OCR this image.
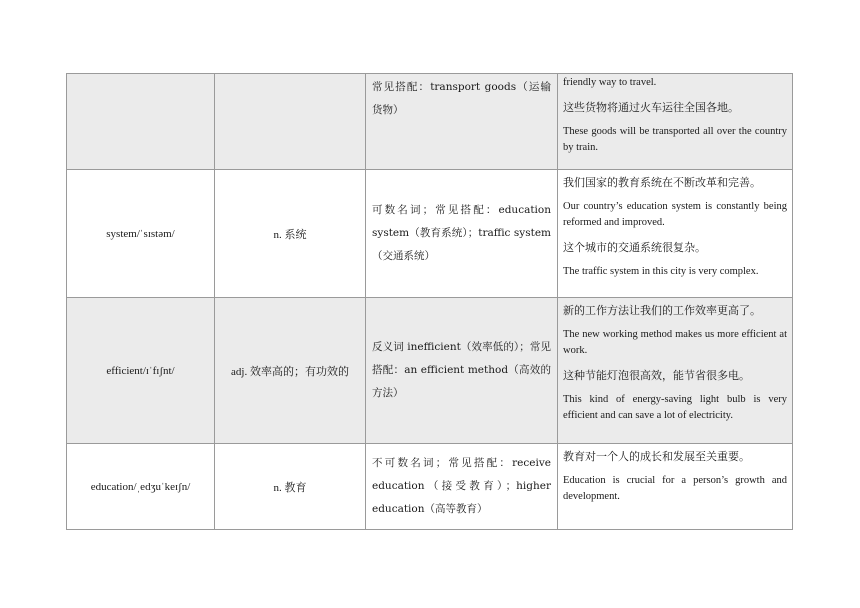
		常见搭配：transport goods（运输货物）	friendly way to travel.

这些货物将通过火车运往全国各地。

These goods will be transported all over the country by train.

system/ˈsɪstəm/	n. 系统	可数名词；常见搭配：education system（教育系统）；traffic system（交通系统）	我们国家的教育系统在不断改革和完善。

Our country’s education system is constantly being reformed and improved.

这个城市的交通系统很复杂。

The traffic system in this city is very complex.

efficient/ɪˈfɪʃnt/	adj. 效率高的；有功效的	反义词 inefficient（效率低的）；常见搭配：an efficient method（高效的方法）	新的工作方法让我们的工作效率更高了。

The new working method makes us more efficient at work.

这种节能灯泡很高效，能节省很多电。

This kind of energy-saving light bulb is very efficient and can save a lot of electricity.

education/ˌedʒuˈkeɪʃn/	n. 教育	不可数名词；常见搭配：receive education（接受教育）；higher education（高等教育）	教育对一个人的成长和发展至关重要。

Education is crucial for a person’s growth and development.
